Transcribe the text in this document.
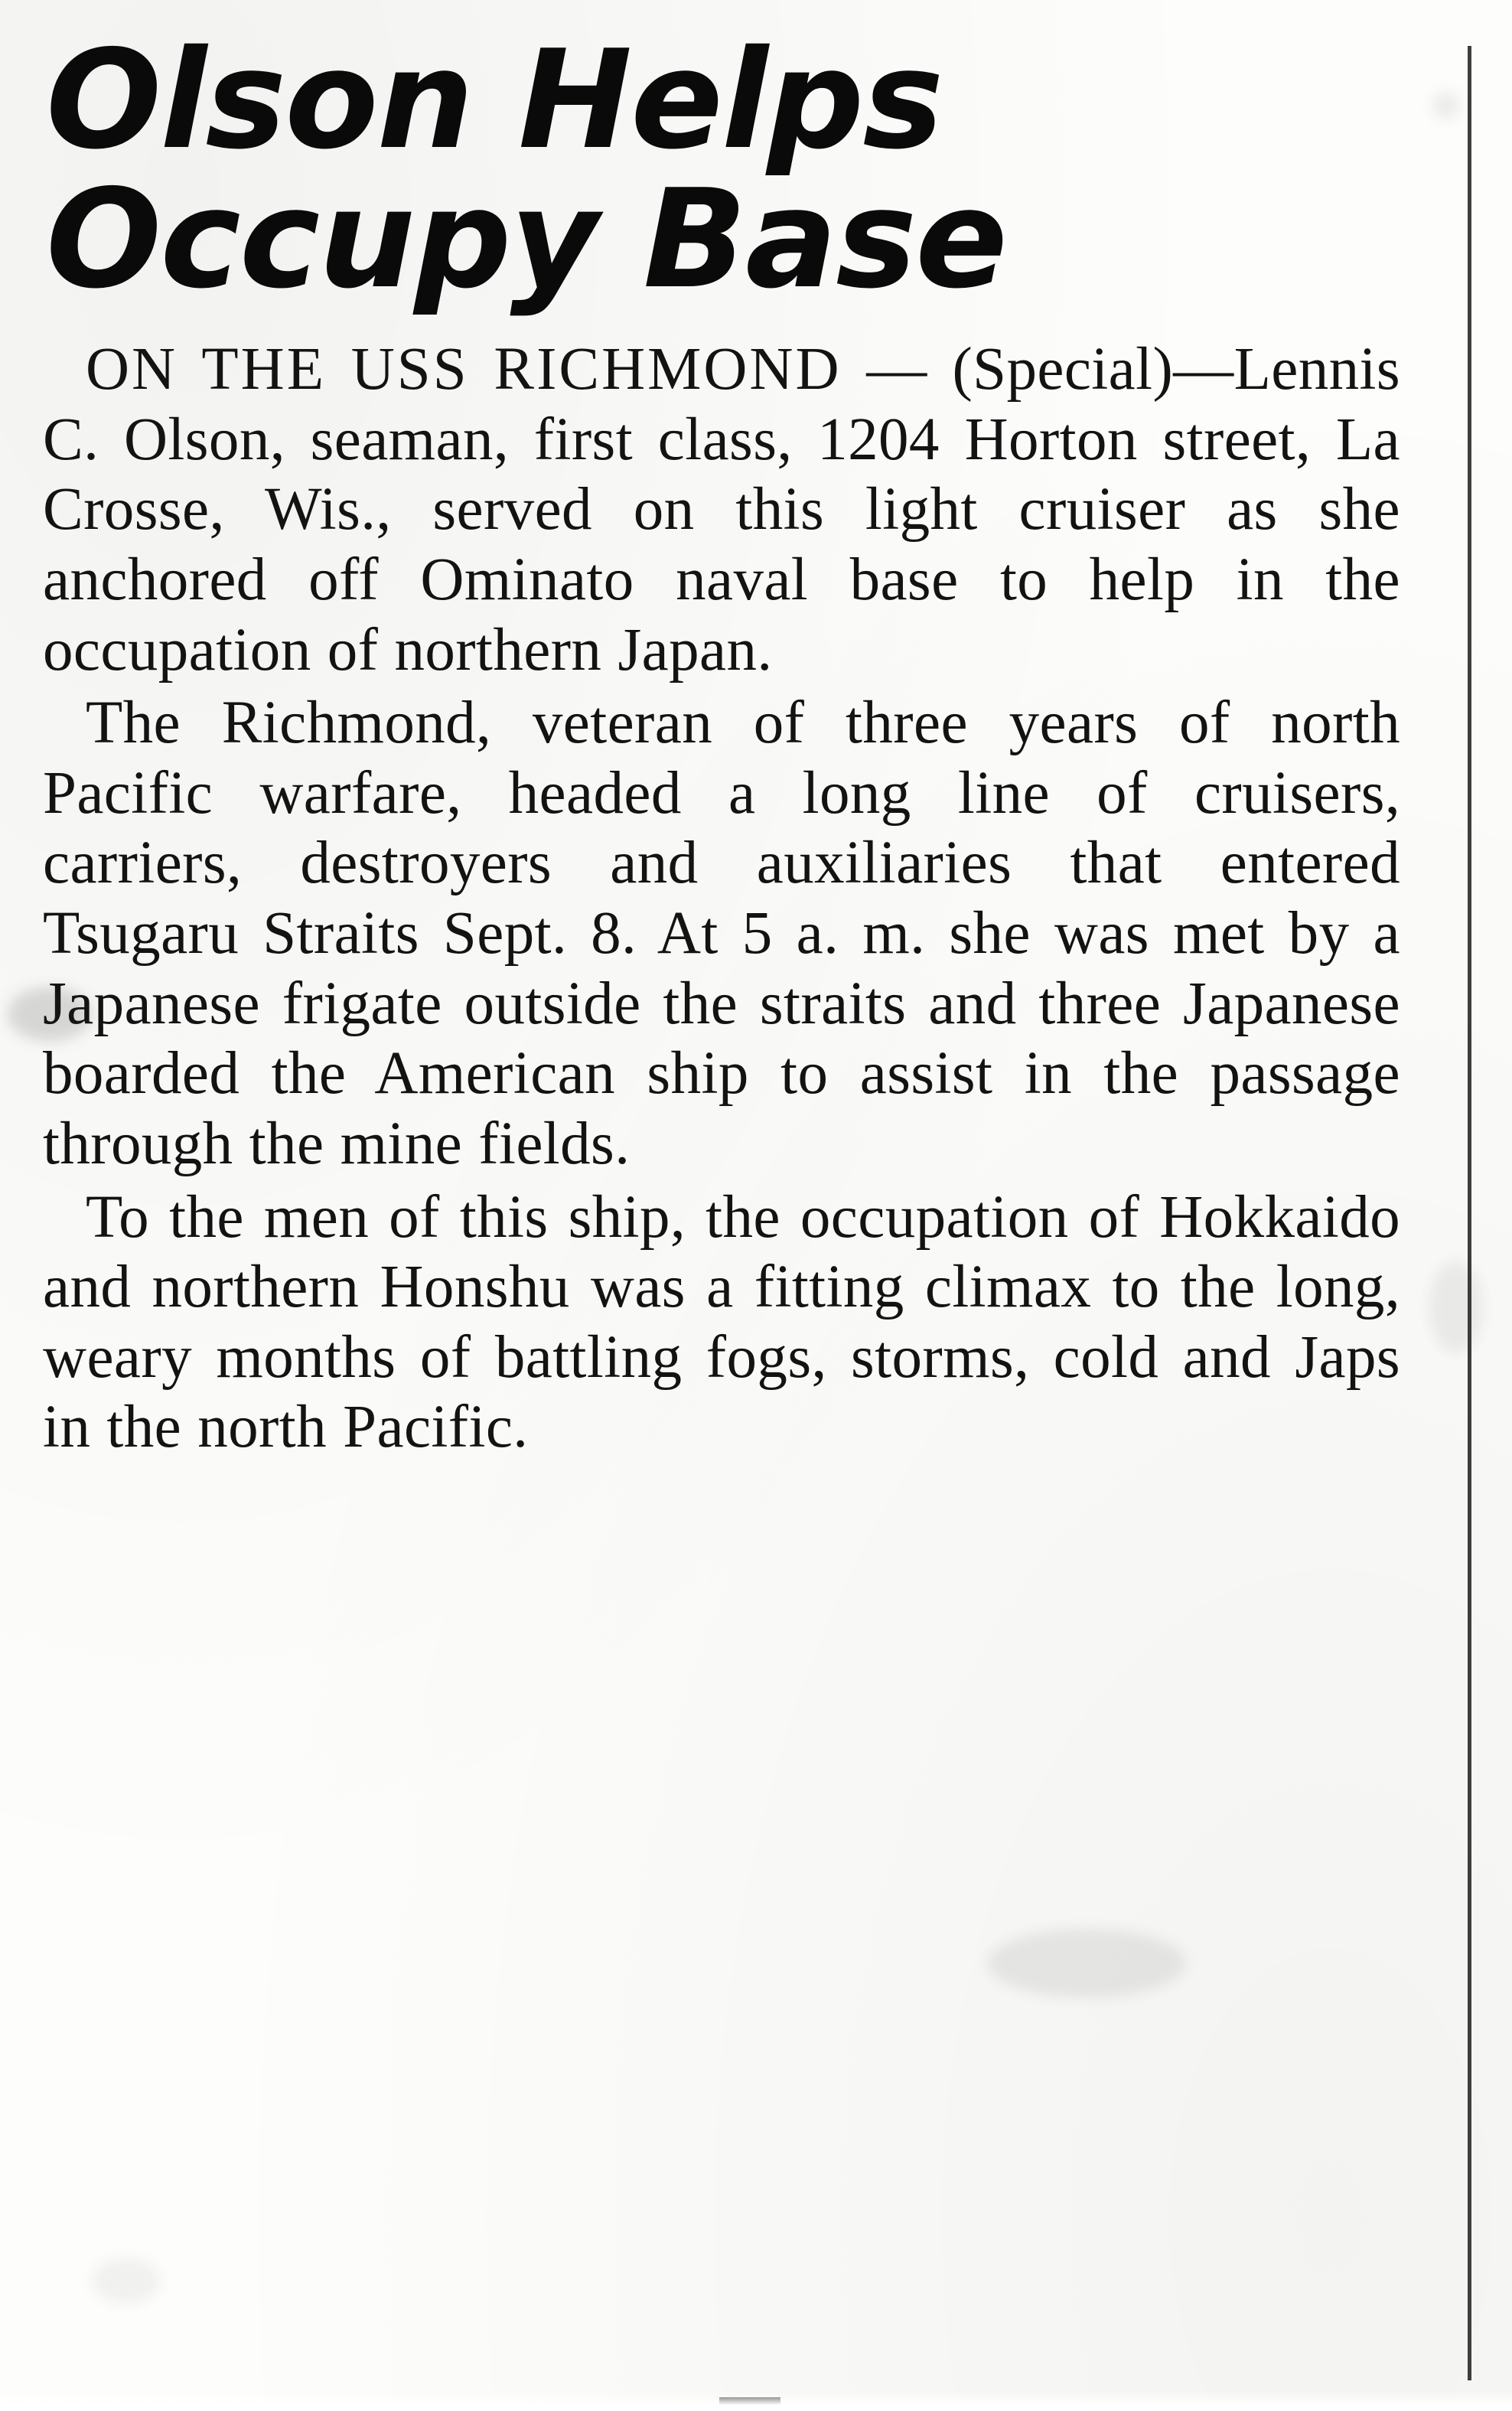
Olson Helps
Occupy Base

ON THE USS RICHMOND — (Special)—Lennis C. Olson, seaman, first class, 1204 Horton street, La Crosse, Wis., served on this light cruiser as she anchored off Ominato naval base to help in the occupation of northern Japan.

The Richmond, veteran of three years of north Pacific warfare, headed a long line of cruisers, carriers, destroyers and auxiliaries that entered Tsugaru Straits Sept. 8. At 5 a. m. she was met by a Japanese frigate outside the straits and three Japanese boarded the American ship to assist in the passage through the mine fields.

To the men of this ship, the occupation of Hokkaido and northern Honshu was a fitting climax to the long, weary months of battling fogs, storms, cold and Japs in the north Pacific.
